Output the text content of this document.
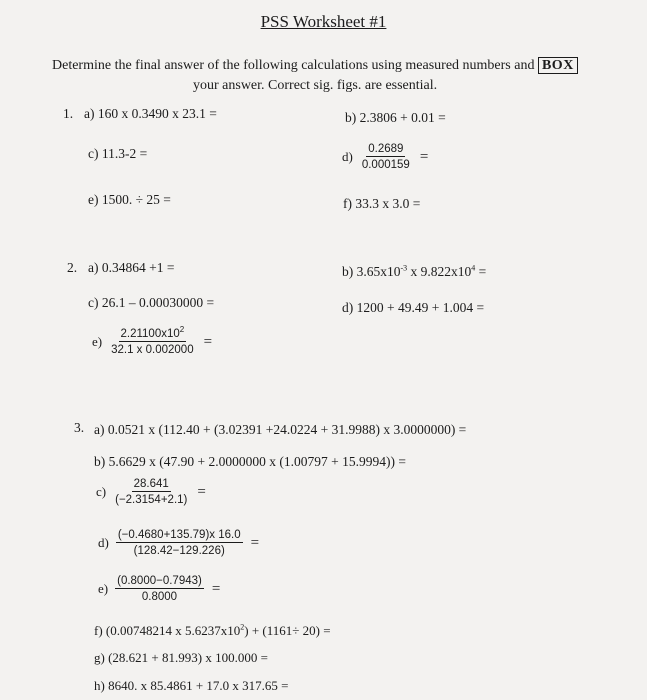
PSS Worksheet #1
Determine the final answer of the following calculations using measured numbers and BOX
your answer. Correct sig. figs. are essential.
1. a) 160 x 0.3490 x 23.1 =	b) 2.3806 + 0.01 =
c) 11.3-2 =	$d) \frac{0.2689}{0.000159}$ =
e) 1500. ÷ 25 =	f) 33.3 x 3.0 =
2. a) 0.34864 +1 =	b) $3.65x10^{-3}$ x $9.822x10^4$ =
c) 26.1 – 0.00030000 =	d) 1200 + 49.49 + 1.004 =
$e) \frac{2.21100x10^2}{32.1 x 0.002000}$ =
3. a) 0.0521 x (112.40 + (3.02391 +24.0224 + 31.9988) x 3.0000000) =
b) 5.6629 x (47.90 + 2.0000000 x (1.00797 + 15.9994)) =
$c) \frac{28.641}{(-2.3154+2.1)}$ =
$d) \frac{(-0.4680+135.79)x 16.0}{(128.42-129.226)}$ =
$e) \frac{(0.8000-0.7943)}{0.8000}$ =
f) (0.00748214 x $5.6237x10^2) + (1161\div 20)$ =
g) (28.621 + 81.993) x 100.000 =
h) 8640. x 85.4861 + 17.0 x 317.65 =
